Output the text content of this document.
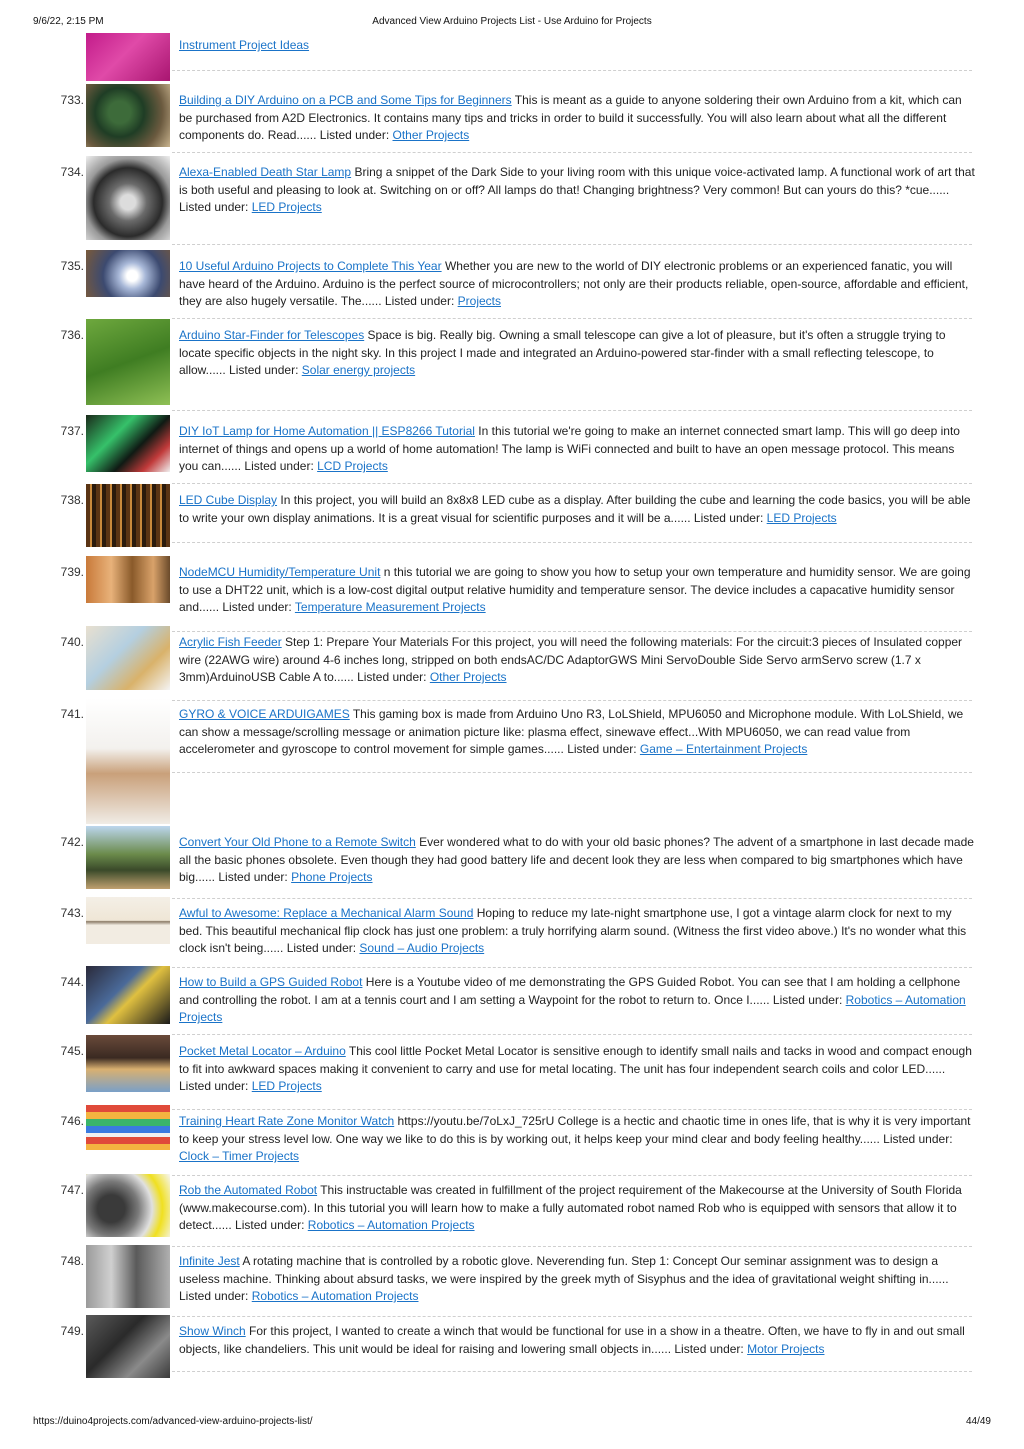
9/6/22, 2:15 PM	Advanced View Arduino Projects List - Use Arduino for Projects
Instrument Project Ideas
733.	Building a DIY Arduino on a PCB and Some Tips for Beginners This is meant as a guide to anyone soldering their own Arduino from a kit, which can be purchased from A2D Electronics. It contains many tips and tricks in order to build it successfully. You will also learn about what all the different components do. Read...... Listed under: Other Projects
734.	Alexa-Enabled Death Star Lamp Bring a snippet of the Dark Side to your living room with this unique voice-activated lamp. A functional work of art that is both useful and pleasing to look at. Switching on or off? All lamps do that! Changing brightness? Very common! But can yours do this? *cue...... Listed under: LED Projects
735.	10 Useful Arduino Projects to Complete This Year Whether you are new to the world of DIY electronic problems or an experienced fanatic, you will have heard of the Arduino. Arduino is the perfect source of microcontrollers; not only are their products reliable, open-source, affordable and efficient, they are also hugely versatile. The...... Listed under: Projects
736.	Arduino Star-Finder for Telescopes Space is big. Really big. Owning a small telescope can give a lot of pleasure, but it's often a struggle trying to locate specific objects in the night sky. In this project I made and integrated an Arduino-powered star-finder with a small reflecting telescope, to allow...... Listed under: Solar energy projects
737.	DIY IoT Lamp for Home Automation || ESP8266 Tutorial In this tutorial we're going to make an internet connected smart lamp. This will go deep into internet of things and opens up a world of home automation! The lamp is WiFi connected and built to have an open message protocol. This means you can...... Listed under: LCD Projects
738.	LED Cube Display In this project, you will build an 8x8x8 LED cube as a display. After building the cube and learning the code basics, you will be able to write your own display animations. It is a great visual for scientific purposes and it will be a...... Listed under: LED Projects
739.	NodeMCU Humidity/Temperature Unit n this tutorial we are going to show you how to setup your own temperature and humidity sensor. We are going to use a DHT22 unit, which is a low-cost digital output relative humidity and temperature sensor. The device includes a capacative humidity sensor and...... Listed under: Temperature Measurement Projects
740.	Acrylic Fish Feeder Step 1: Prepare Your Materials For this project, you will need the following materials: For the circuit:3 pieces of Insulated copper wire (22AWG wire) around 4-6 inches long, stripped on both endsAC/DC AdaptorGWS Mini ServoDouble Side Servo armServo screw (1.7 x 3mm)ArduinoUSB Cable A to...... Listed under: Other Projects
741.	GYRO & VOICE ARDUIGAMES This gaming box is made from Arduino Uno R3, LoLShield, MPU6050 and Microphone module. With LoLShield, we can show a message/scrolling message or animation picture like: plasma effect, sinewave effect...With MPU6050, we can read value from accelerometer and gyroscope to control movement for simple games...... Listed under: Game – Entertainment Projects
742.	Convert Your Old Phone to a Remote Switch Ever wondered what to do with your old basic phones? The advent of a smartphone in last decade made all the basic phones obsolete. Even though they had good battery life and decent look they are less when compared to big smartphones which have big...... Listed under: Phone Projects
743.	Awful to Awesome: Replace a Mechanical Alarm Sound Hoping to reduce my late-night smartphone use, I got a vintage alarm clock for next to my bed. This beautiful mechanical flip clock has just one problem: a truly horrifying alarm sound. (Witness the first video above.) It's no wonder what this clock isn't being...... Listed under: Sound – Audio Projects
744.	How to Build a GPS Guided Robot Here is a Youtube video of me demonstrating the GPS Guided Robot. You can see that I am holding a cellphone and controlling the robot. I am at a tennis court and I am setting a Waypoint for the robot to return to. Once I...... Listed under: Robotics – Automation Projects
745.	Pocket Metal Locator – Arduino This cool little Pocket Metal Locator is sensitive enough to identify small nails and tacks in wood and compact enough to fit into awkward spaces making it convenient to carry and use for metal locating. The unit has four independent search coils and color LED...... Listed under: LED Projects
746.	Training Heart Rate Zone Monitor Watch https://youtu.be/7oLxJ_725rU College is a hectic and chaotic time in ones life, that is why it is very important to keep your stress level low. One way we like to do this is by working out, it helps keep your mind clear and body feeling healthy...... Listed under: Clock – Timer Projects
747.	Rob the Automated Robot This instructable was created in fulfillment of the project requirement of the Makecourse at the University of South Florida (www.makecourse.com). In this tutorial you will learn how to make a fully automated robot named Rob who is equipped with sensors that allow it to detect...... Listed under: Robotics – Automation Projects
748.	Infinite Jest A rotating machine that is controlled by a robotic glove. Neverending fun. Step 1: Concept Our seminar assignment was to design a useless machine. Thinking about absurd tasks, we were inspired by the greek myth of Sisyphus and the idea of gravitational weight shifting in...... Listed under: Robotics – Automation Projects
749.	Show Winch For this project, I wanted to create a winch that would be functional for use in a show in a theatre. Often, we have to fly in and out small objects, like chandeliers. This unit would be ideal for raising and lowering small objects in...... Listed under: Motor Projects
https://duino4projects.com/advanced-view-arduino-projects-list/	44/49
